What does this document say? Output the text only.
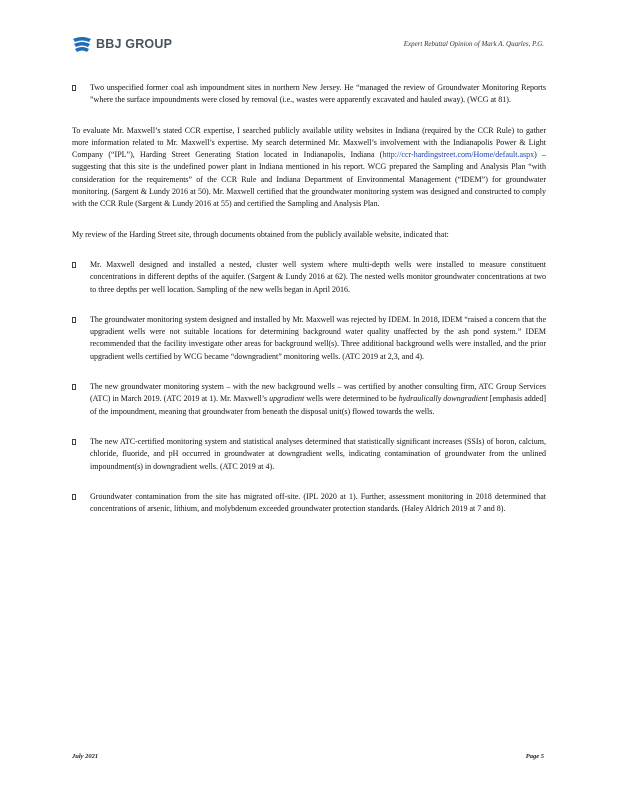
BBJ GROUP	Expert Rebuttal Opinion of Mark A. Quarles, P.G.
Two unspecified former coal ash impoundment sites in northern New Jersey. He “managed the review of Groundwater Monitoring Reports ”where the surface impoundments were closed by removal (i.e., wastes were apparently excavated and hauled away). (WCG at 81).
To evaluate Mr. Maxwell’s stated CCR expertise, I searched publicly available utility websites in Indiana (required by the CCR Rule) to gather more information related to Mr. Maxwell’s expertise. My search determined Mr. Maxwell’s involvement with the Indianapolis Power & Light Company (“IPL”), Harding Street Generating Station located in Indianapolis, Indiana (http://ccr-hardingstreet.com/Home/default.aspx) – suggesting that this site is the undefined power plant in Indiana mentioned in his report. WCG prepared the Sampling and Analysis Plan “with consideration for the requirements” of the CCR Rule and Indiana Department of Environmental Management (“IDEM”) for groundwater monitoring. (Sargent & Lundy 2016 at 50). Mr. Maxwell certified that the groundwater monitoring system was designed and constructed to comply with the CCR Rule (Sargent & Lundy 2016 at 55) and certified the Sampling and Analysis Plan.
My review of the Harding Street site, through documents obtained from the publicly available website, indicated that:
Mr. Maxwell designed and installed a nested, cluster well system where multi-depth wells were installed to measure constituent concentrations in different depths of the aquifer. (Sargent & Lundy 2016 at 62). The nested wells monitor groundwater concentrations at two to three depths per well location. Sampling of the new wells began in April 2016.
The groundwater monitoring system designed and installed by Mr. Maxwell was rejected by IDEM. In 2018, IDEM “raised a concern that the upgradient wells were not suitable locations for determining background water quality unaffected by the ash pond system.” IDEM recommended that the facility investigate other areas for background well(s). Three additional background wells were installed, and the prior upgradient wells certified by WCG became “downgradient” monitoring wells. (ATC 2019 at 2,3, and 4).
The new groundwater monitoring system – with the new background wells – was certified by another consulting firm, ATC Group Services (ATC) in March 2019. (ATC 2019 at 1). Mr. Maxwell’s upgradient wells were determined to be hydraulically downgradient [emphasis added] of the impoundment, meaning that groundwater from beneath the disposal unit(s) flowed towards the wells.
The new ATC-certified monitoring system and statistical analyses determined that statistically significant increases (SSIs) of boron, calcium, chloride, fluoride, and pH occurred in groundwater at downgradient wells, indicating contamination of groundwater from the unlined impoundment(s) in downgradient wells. (ATC 2019 at 4).
Groundwater contamination from the site has migrated off-site. (IPL 2020 at 1). Further, assessment monitoring in 2018 determined that concentrations of arsenic, lithium, and molybdenum exceeded groundwater protection standards. (Haley Aldrich 2019 at 7 and 8).
July 2021	Page 5
